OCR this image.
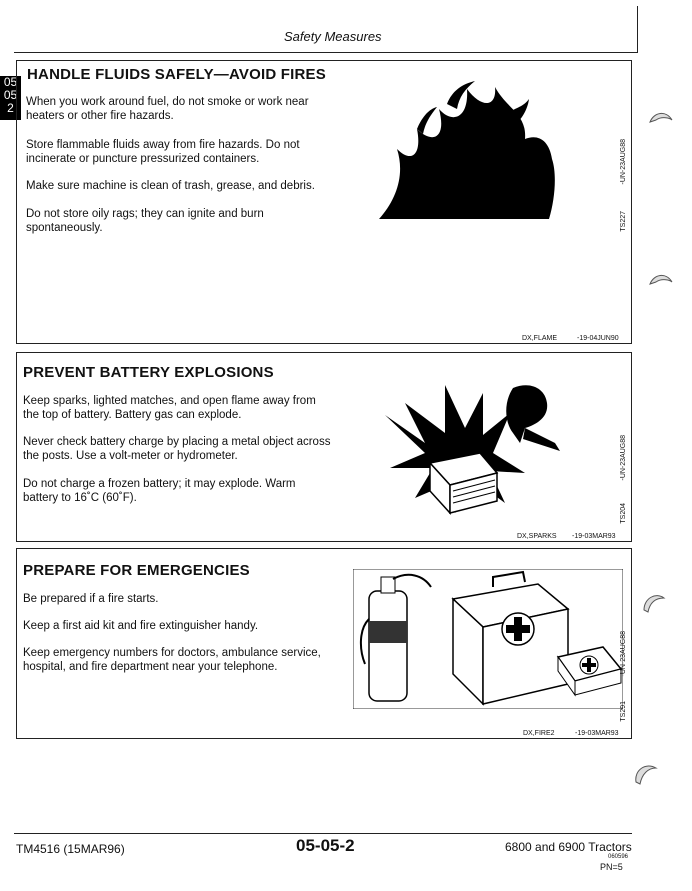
Safety Measures
05
05
2
HANDLE FLUIDS SAFELY—AVOID FIRES
When you work around fuel, do not smoke or work near heaters or other fire hazards.
Store flammable fluids away from fire hazards. Do not incinerate or puncture pressurized containers.
Make sure machine is clean of trash, grease, and debris.
Do not store oily rags; they can ignite and burn spontaneously.
-UN-23AUG88
TS227
DX,FLAME	-19-04JUN90
PREVENT BATTERY EXPLOSIONS
Keep sparks, lighted matches, and open flame away from the top of battery. Battery gas can explode.
Never check battery charge by placing a metal object across the posts. Use a volt-meter or hydrometer.
Do not charge a frozen battery; it may explode. Warm battery to 16˚C (60˚F).
-UN-23AUG88
TS204
DX,SPARKS -19-03MAR93
PREPARE FOR EMERGENCIES
Be prepared if a fire starts.
Keep a first aid kit and fire extinguisher handy.
Keep emergency numbers for doctors, ambulance service, hospital, and fire department near your telephone.	-UN-23AUG88
TS291
DX,FIRE2	-19-03MAR93
TM4516 (15MAR96)	05-05-2	6800 and 6900 Tractors
060596
PN=5
